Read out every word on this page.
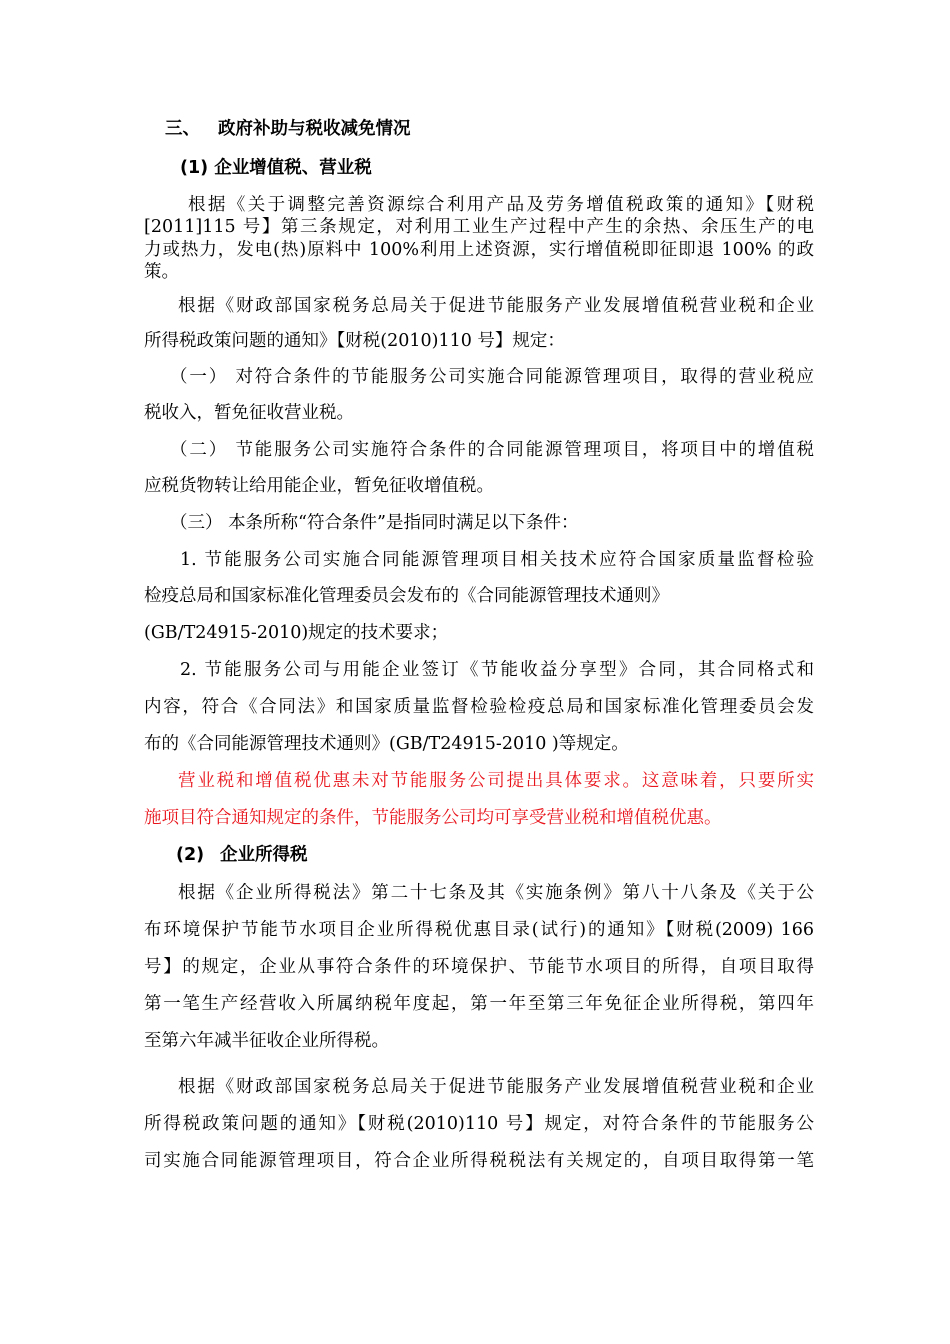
三、 政府补助与税收减免情况
(1) 企业增值税、营业税
根据《关于调整完善资源综合利用产品及劳务增值税政策的通知》【财税
[2011]115 号】第三条规定，对利用工业生产过程中产生的余热、余压生产的电
力或热力，发电(热)原料中 100%利用上述资源，实行增值税即征即退 100% 的政
策。
根据《财政部国家税务总局关于促进节能服务产业发展增值税营业税和企业
所得税政策问题的通知》【财税(2010)110 号】规定：
（一） 对符合条件的节能服务公司实施合同能源管理项目，取得的营业税应
税收入，暂免征收营业税。
（二） 节能服务公司实施符合条件的合同能源管理项目，将项目中的增值税
应税货物转让给用能企业，暂免征收增值税。
（三） 本条所称“符合条件”是指同时满足以下条件：
1. 节能服务公司实施合同能源管理项目相关技术应符合国家质量监督检验
检疫总局和国家标准化管理委员会发布的《合同能源管理技术通则》
(GB/T24915-2010)规定的技术要求；
2. 节能服务公司与用能企业签订《节能收益分享型》合同，其合同格式和
内容，符合《合同法》和国家质量监督检验检疫总局和国家标准化管理委员会发
布的《合同能源管理技术通则》(GB/T24915-2010 )等规定。
营业税和增值税优惠未对节能服务公司提出具体要求。这意味着，只要所实
施项目符合通知规定的条件，节能服务公司均可享受营业税和增值税优惠。
(2) 企业所得税
根据《企业所得税法》第二十七条及其《实施条例》第八十八条及《关于公
布环境保护节能节水项目企业所得税优惠目录(试行)的通知》【财税(2009) 166
号】的规定，企业从事符合条件的环境保护、节能节水项目的所得，自项目取得
第一笔生产经营收入所属纳税年度起，第一年至第三年免征企业所得税，第四年
至第六年减半征收企业所得税。
根据《财政部国家税务总局关于促进节能服务产业发展增值税营业税和企业
所得税政策问题的通知》【财税(2010)110 号】规定，对符合条件的节能服务公
司实施合同能源管理项目，符合企业所得税税法有关规定的，自项目取得第一笔
